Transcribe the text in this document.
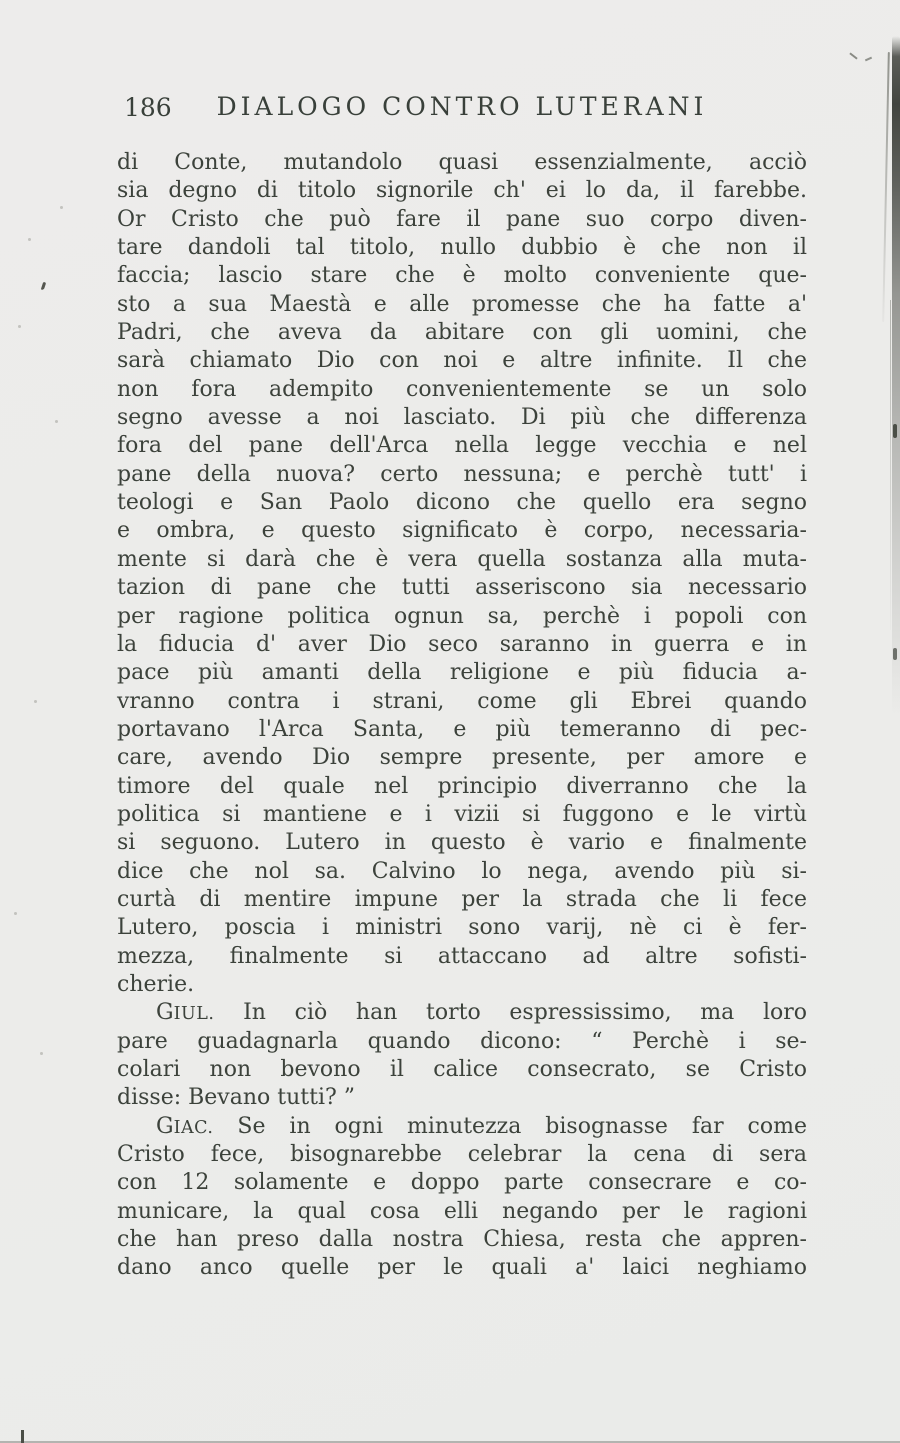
186	DIALOGO CONTRO LUTERANI
di Conte, mutandolo quasi essenzialmente, acciò
sia degno di titolo signorile ch' ei lo da, il farebbe.
Or Cristo che può fare il pane suo corpo diven-
tare dandoli tal titolo, nullo dubbio è che non il
faccia; lascio stare che è molto conveniente que-
sto a sua Maestà e alle promesse che ha fatte a'
Padri, che aveva da abitare con gli uomini, che
sarà chiamato Dio con noi e altre infinite. Il che
non fora adempito convenientemente se un solo
segno avesse a noi lasciato. Di più che differenza
fora del pane dell'Arca nella legge vecchia e nel
pane della nuova? certo nessuna; e perchè tutt' i
teologi e San Paolo dicono che quello era segno
e ombra, e questo significato è corpo, necessaria-
mente si darà che è vera quella sostanza alla muta-
tazion di pane che tutti asseriscono sia necessario
per ragione politica ognun sa, perchè i popoli con
la fiducia d' aver Dio seco saranno in guerra e in
pace più amanti della religione e più fiducia a-
vranno contra i strani, come gli Ebrei quando
portavano l'Arca Santa, e più temeranno di pec-
care, avendo Dio sempre presente, per amore e
timore del quale nel principio diverranno che la
politica si mantiene e i vizii si fuggono e le virtù
si seguono. Lutero in questo è vario e finalmente
dice che nol sa. Calvino lo nega, avendo più si-
curtà di mentire impune per la strada che li fece
Lutero, poscia i ministri sono varij, nè ci è fer-
mezza, finalmente si attaccano ad altre sofisti-
cherie.
GIUL. In ciò han torto espressissimo, ma loro
pare guadagnarla quando dicono: “ Perchè i se-
colari non bevono il calice consecrato, se Cristo
disse: Bevano tutti? ”
GIAC. Se in ogni minutezza bisognasse far come
Cristo fece, bisognarebbe celebrar la cena di sera
con 12 solamente e doppo parte consecrare e co-
municare, la qual cosa elli negando per le ragioni
che han preso dalla nostra Chiesa, resta che appren-
dano anco quelle per le quali a' laici neghiamo
